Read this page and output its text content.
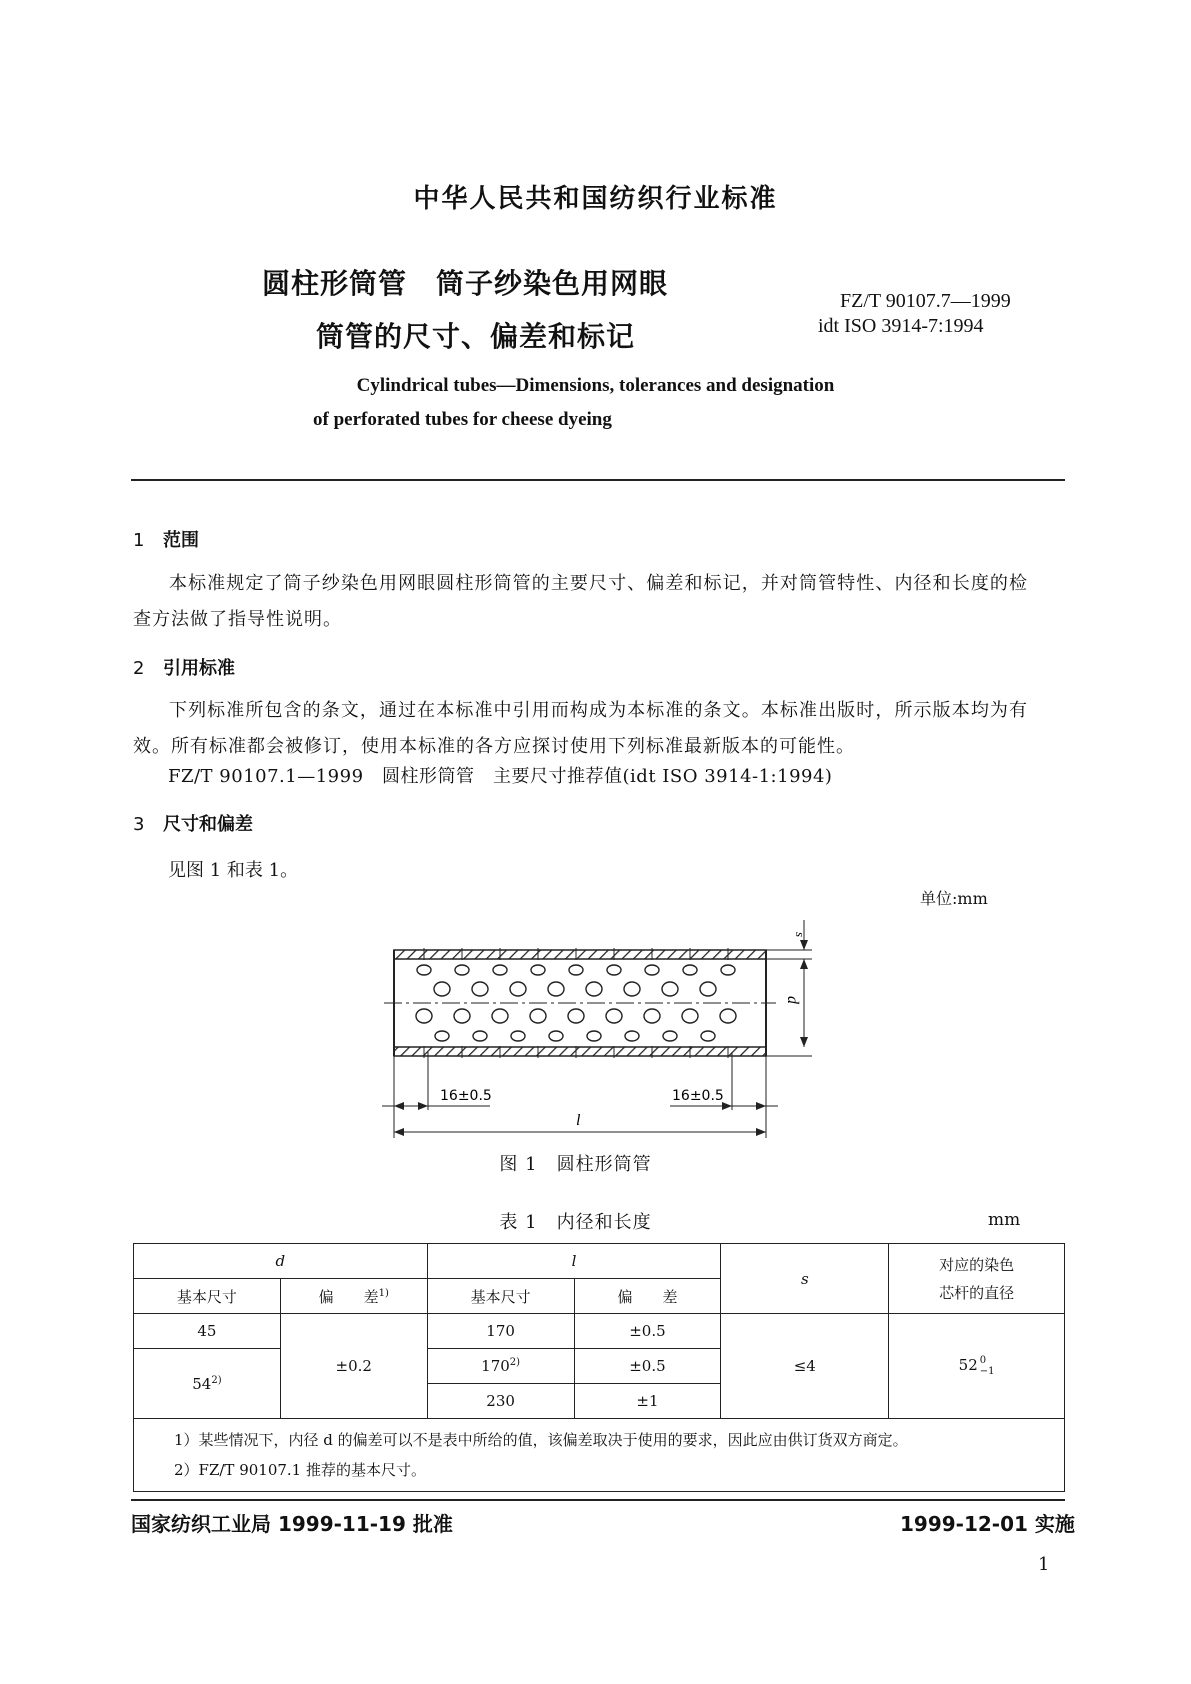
中华人民共和国纺织行业标准
圆柱形筒管　筒子纱染色用网眼
筒管的尺寸、偏差和标记
FZ/T 90107.7—1999
idt ISO 3914-7:1994
Cylindrical tubes—Dimensions, tolerances and designation
of perforated tubes for cheese dyeing
1 范围
本标准规定了筒子纱染色用网眼圆柱形筒管的主要尺寸、偏差和标记，并对筒管特性、内径和长度的检查方法做了指导性说明。
2 引用标准
下列标准所包含的条文，通过在本标准中引用而构成为本标准的条文。本标准出版时，所示版本均为有效。所有标准都会被修订，使用本标准的各方应探讨使用下列标准最新版本的可能性。
FZ/T 90107.1—1999　圆柱形筒管　主要尺寸推荐值(idt ISO 3914-1:1994)
3 尺寸和偏差
见图 1 和表 1。
单位:mm
s
d
16±0.5	16±0.5
l
图 1　圆柱形筒管
表 1　内径和长度	mm
d		l		s	对应的染色
芯杆的直径

基本尺寸	偏　　差$^{1)}$	基本尺寸	偏　　差		
45	±0.2	170	±0.5	≤4	52 0
−1

54$^{2)}$		$170^{2)}$	±0.5		
		230	±1		

1）某些情况下，内径 d 的偏差可以不是表中所给的值，该偏差取决于使用的要求，因此应由供订货双方商定。
2）FZ/T 90107.1 推荐的基本尺寸。					
国家纺织工业局 1999-11-19 批准	1999-12-01 实施
1
